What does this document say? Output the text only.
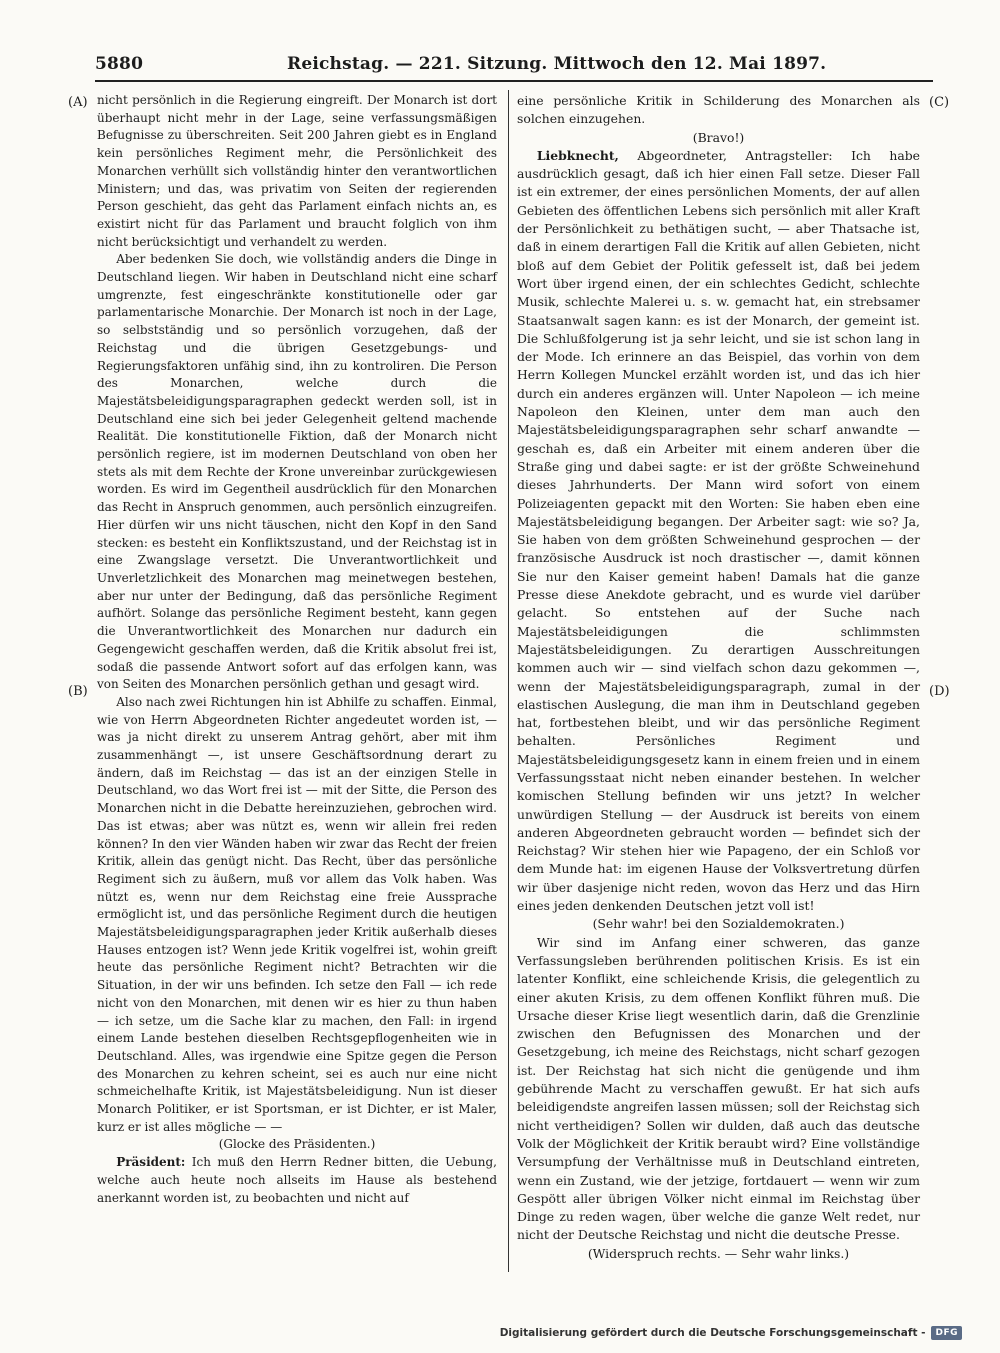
5880	Reichstag. — 221. Sitzung. Mittwoch den 12. Mai 1897.
(A)
(B)
(C)
(D)

nicht persönlich in die Regierung eingreift. Der Monarch ist dort überhaupt nicht mehr in der Lage, seine verfassungsmäßigen Befugnisse zu überschreiten. Seit 200 Jahren giebt es in England kein persönliches Regiment mehr, die Persönlichkeit des Monarchen verhüllt sich vollständig hinter den verantwortlichen Ministern; und das, was privatim von Seiten der regierenden Person geschieht, das geht das Parlament einfach nichts an, es existirt nicht für das Parlament und braucht folglich von ihm nicht berücksichtigt und verhandelt zu werden.

Aber bedenken Sie doch, wie vollständig anders die Dinge in Deutschland liegen. Wir haben in Deutschland nicht eine scharf umgrenzte, fest eingeschränkte konstitutionelle oder gar parlamentarische Monarchie. Der Monarch ist noch in der Lage, so selbstständig und so persönlich vorzugehen, daß der Reichstag und die übrigen Gesetzgebungs- und Regierungsfaktoren unfähig sind, ihn zu kontroliren. Die Person des Monarchen, welche durch die Majestätsbeleidigungsparagraphen gedeckt werden soll, ist in Deutschland eine sich bei jeder Gelegenheit geltend machende Realität. Die konstitutionelle Fiktion, daß der Monarch nicht persönlich regiere, ist im modernen Deutschland von oben her stets als mit dem Rechte der Krone unvereinbar zurückgewiesen worden. Es wird im Gegentheil ausdrücklich für den Monarchen das Recht in Anspruch genommen, auch persönlich einzugreifen. Hier dürfen wir uns nicht täuschen, nicht den Kopf in den Sand stecken: es besteht ein Konfliktszustand, und der Reichstag ist in eine Zwangslage versetzt. Die Unverantwortlichkeit und Unverletzlichkeit des Monarchen mag meinetwegen bestehen, aber nur unter der Bedingung, daß das persönliche Regiment aufhört. Solange das persönliche Regiment besteht, kann gegen die Unverantwortlichkeit des Monarchen nur dadurch ein Gegengewicht geschaffen werden, daß die Kritik absolut frei ist, sodaß die passende Antwort sofort auf das erfolgen kann, was von Seiten des Monarchen persönlich gethan und gesagt wird.

Also nach zwei Richtungen hin ist Abhilfe zu schaffen. Einmal, wie von Herrn Abgeordneten Richter angedeutet worden ist, — was ja nicht direkt zu unserem Antrag gehört, aber mit ihm zusammenhängt —, ist unsere Geschäftsordnung derart zu ändern, daß im Reichstag — das ist an der einzigen Stelle in Deutschland, wo das Wort frei ist — mit der Sitte, die Person des Monarchen nicht in die Debatte hereinzuziehen, gebrochen wird. Das ist etwas; aber was nützt es, wenn wir allein frei reden können? In den vier Wänden haben wir zwar das Recht der freien Kritik, allein das genügt nicht. Das Recht, über das persönliche Regiment sich zu äußern, muß vor allem das Volk haben. Was nützt es, wenn nur dem Reichstag eine freie Aussprache ermöglicht ist, und das persönliche Regiment durch die heutigen Majestätsbeleidigungsparagraphen jeder Kritik außerhalb dieses Hauses entzogen ist? Wenn jede Kritik vogelfrei ist, wohin greift heute das persönliche Regiment nicht? Betrachten wir die Situation, in der wir uns befinden. Ich setze den Fall — ich rede nicht von den Monarchen, mit denen wir es hier zu thun haben — ich setze, um die Sache klar zu machen, den Fall: in irgend einem Lande bestehen dieselben Rechtsgepflogenheiten wie in Deutschland. Alles, was irgendwie eine Spitze gegen die Person des Monarchen zu kehren scheint, sei es auch nur eine nicht schmeichelhafte Kritik, ist Majestätsbeleidigung. Nun ist dieser Monarch Politiker, er ist Sportsman, er ist Dichter, er ist Maler, kurz er ist alles mögliche — —

(Glocke des Präsidenten.)

Präsident: Ich muß den Herrn Redner bitten, die Uebung, welche auch heute noch allseits im Hause als bestehend anerkannt worden ist, zu beobachten und nicht auf

eine persönliche Kritik in Schilderung des Monarchen als solchen einzugehen.

(Bravo!)

Liebknecht, Abgeordneter, Antragsteller: Ich habe ausdrücklich gesagt, daß ich hier einen Fall setze. Dieser Fall ist ein extremer, der eines persönlichen Moments, der auf allen Gebieten des öffentlichen Lebens sich persönlich mit aller Kraft der Persönlichkeit zu bethätigen sucht, — aber Thatsache ist, daß in einem derartigen Fall die Kritik auf allen Gebieten, nicht bloß auf dem Gebiet der Politik gefesselt ist, daß bei jedem Wort über irgend einen, der ein schlechtes Gedicht, schlechte Musik, schlechte Malerei u. s. w. gemacht hat, ein strebsamer Staatsanwalt sagen kann: es ist der Monarch, der gemeint ist. Die Schlußfolgerung ist ja sehr leicht, und sie ist schon lang in der Mode. Ich erinnere an das Beispiel, das vorhin von dem Herrn Kollegen Munckel erzählt worden ist, und das ich hier durch ein anderes ergänzen will. Unter Napoleon — ich meine Napoleon den Kleinen, unter dem man auch den Majestätsbeleidigungsparagraphen sehr scharf anwandte — geschah es, daß ein Arbeiter mit einem anderen über die Straße ging und dabei sagte: er ist der größte Schweinehund dieses Jahrhunderts. Der Mann wird sofort von einem Polizeiagenten gepackt mit den Worten: Sie haben eben eine Majestätsbeleidigung begangen. Der Arbeiter sagt: wie so? Ja, Sie haben von dem größten Schweinehund gesprochen — der französische Ausdruck ist noch drastischer —, damit können Sie nur den Kaiser gemeint haben! Damals hat die ganze Presse diese Anekdote gebracht, und es wurde viel darüber gelacht. So entstehen auf der Suche nach Majestätsbeleidigungen die schlimmsten Majestätsbeleidigungen. Zu derartigen Ausschreitungen kommen auch wir — sind vielfach schon dazu gekommen —, wenn der Majestätsbeleidigungsparagraph, zumal in der elastischen Auslegung, die man ihm in Deutschland gegeben hat, fortbestehen bleibt, und wir das persönliche Regiment behalten. Persönliches Regiment und Majestätsbeleidigungsgesetz kann in einem freien und in einem Verfassungsstaat nicht neben einander bestehen. In welcher komischen Stellung befinden wir uns jetzt? In welcher unwürdigen Stellung — der Ausdruck ist bereits von einem anderen Abgeordneten gebraucht worden — befindet sich der Reichstag? Wir stehen hier wie Papageno, der ein Schloß vor dem Munde hat: im eigenen Hause der Volksvertretung dürfen wir über dasjenige nicht reden, wovon das Herz und das Hirn eines jeden denkenden Deutschen jetzt voll ist!

(Sehr wahr! bei den Sozialdemokraten.)

Wir sind im Anfang einer schweren, das ganze Verfassungsleben berührenden politischen Krisis. Es ist ein latenter Konflikt, eine schleichende Krisis, die gelegentlich zu einer akuten Krisis, zu dem offenen Konflikt führen muß. Die Ursache dieser Krise liegt wesentlich darin, daß die Grenzlinie zwischen den Befugnissen des Monarchen und der Gesetzgebung, ich meine des Reichstags, nicht scharf gezogen ist. Der Reichstag hat sich nicht die genügende und ihm gebührende Macht zu verschaffen gewußt. Er hat sich aufs beleidigendste angreifen lassen müssen; soll der Reichstag sich nicht vertheidigen? Sollen wir dulden, daß auch das deutsche Volk der Möglichkeit der Kritik beraubt wird? Eine vollständige Versumpfung der Verhältnisse muß in Deutschland eintreten, wenn ein Zustand, wie der jetzige, fortdauert — wenn wir zum Gespött aller übrigen Völker nicht einmal im Reichstag über Dinge zu reden wagen, über welche die ganze Welt redet, nur nicht der Deutsche Reichstag und nicht die deutsche Presse.

(Widerspruch rechts. — Sehr wahr links.)

Digitalisierung gefördert durch die Deutsche Forschungsgemeinschaft -	DFG
